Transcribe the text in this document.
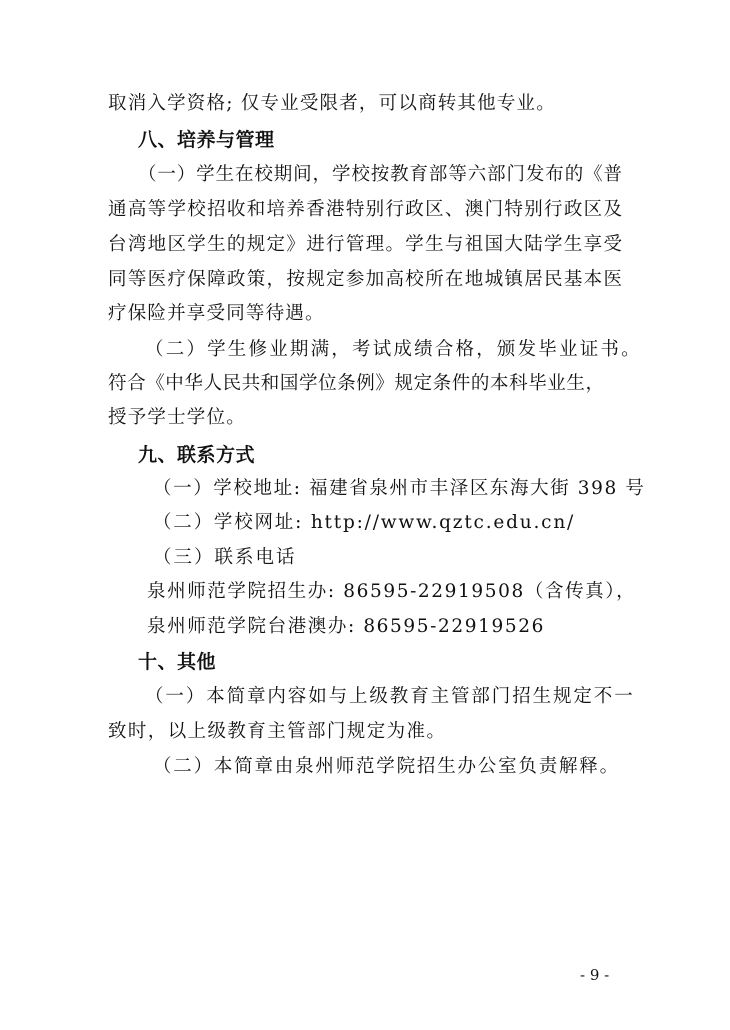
取消入学资格; 仅专业受限者，可以商转其他专业。
八、培养与管理
（一）学生在校期间，学校按教育部等六部门发布的《普
通高等学校招收和培养香港特别行政区、澳门特别行政区及
台湾地区学生的规定》进行管理。学生与祖国大陆学生享受
同等医疗保障政策，按规定参加高校所在地城镇居民基本医
疗保险并享受同等待遇。
（二）学生修业期满，考试成绩合格，颁发毕业证书。
符合《中华人民共和国学位条例》规定条件的本科毕业生，
授予学士学位。
九、联系方式
（一）学校地址: 福建省泉州市丰泽区东海大街 398 号
（二）学校网址: http://www.qztc.edu.cn/
（三）联系电话
泉州师范学院招生办: 86595-22919508（含传真），
泉州师范学院台港澳办: 86595-22919526
十、其他
（一）本简章内容如与上级教育主管部门招生规定不一
致时，以上级教育主管部门规定为准。
（二）本简章由泉州师范学院招生办公室负责解释。
- 9 -
